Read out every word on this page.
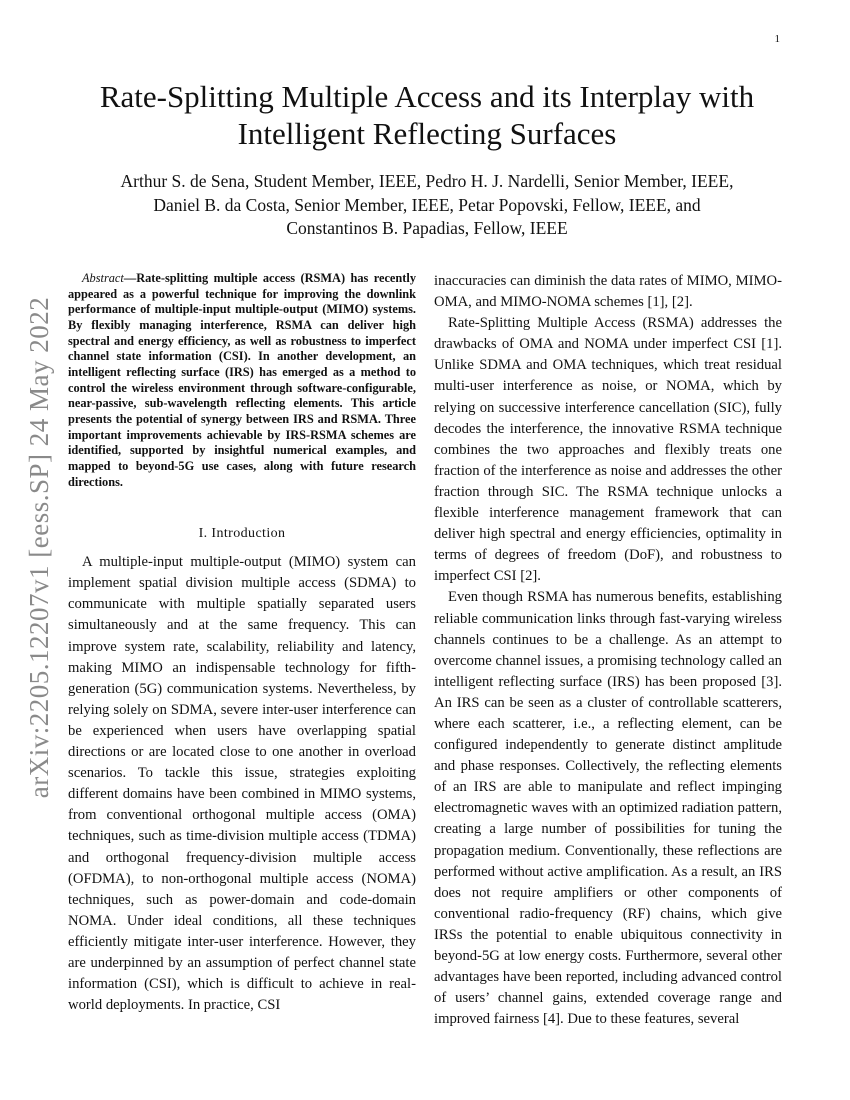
1
arXiv:2205.12207v1 [eess.SP] 24 May 2022
Rate-Splitting Multiple Access and its Interplay with Intelligent Reflecting Surfaces

Arthur S. de Sena, Student Member, IEEE, Pedro H. J. Nardelli, Senior Member, IEEE,

Daniel B. da Costa, Senior Member, IEEE, Petar Popovski, Fellow, IEEE, and

Constantinos B. Papadias, Fellow, IEEE

Abstract—Rate-splitting multiple access (RSMA) has recently appeared as a powerful technique for improving the downlink performance of multiple-input multiple-output (MIMO) systems. By flexibly managing interference, RSMA can deliver high spectral and energy efficiency, as well as robustness to imperfect channel state information (CSI). In another development, an intelligent reflecting surface (IRS) has emerged as a method to control the wireless environment through software-configurable, near-passive, sub-wavelength reflecting elements. This article presents the potential of synergy between IRS and RSMA. Three important improvements achievable by IRS-RSMA schemes are identified, supported by insightful numerical examples, and mapped to beyond-5G use cases, along with future research directions.

I. Introduction

A multiple-input multiple-output (MIMO) system can implement spatial division multiple access (SDMA) to communicate with multiple spatially separated users simultaneously and at the same frequency. This can improve system rate, scalability, reliability and latency, making MIMO an indispensable technology for fifth-generation (5G) communication systems. Nevertheless, by relying solely on SDMA, severe inter-user interference can be experienced when users have overlapping spatial directions or are located close to one another in overload scenarios. To tackle this issue, strategies exploiting different domains have been combined in MIMO systems, from conventional orthogonal multiple access (OMA) techniques, such as time-division multiple access (TDMA) and orthogonal frequency-division multiple access (OFDMA), to non-orthogonal multiple access (NOMA) techniques, such as power-domain and code-domain NOMA. Under ideal conditions, all these techniques efficiently mitigate inter-user interference. However, they are underpinned by an assumption of perfect channel state information (CSI), which is difficult to achieve in real-world deployments. In practice, CSI

inaccuracies can diminish the data rates of MIMO, MIMO-OMA, and MIMO-NOMA schemes [1], [2].

Rate-Splitting Multiple Access (RSMA) addresses the drawbacks of OMA and NOMA under imperfect CSI [1]. Unlike SDMA and OMA techniques, which treat residual multi-user interference as noise, or NOMA, which by relying on successive interference cancellation (SIC), fully decodes the interference, the innovative RSMA technique combines the two approaches and flexibly treats one fraction of the interference as noise and addresses the other fraction through SIC. The RSMA technique unlocks a flexible interference management framework that can deliver high spectral and energy efficiencies, optimality in terms of degrees of freedom (DoF), and robustness to imperfect CSI [2].

Even though RSMA has numerous benefits, establishing reliable communication links through fast-varying wireless channels continues to be a challenge. As an attempt to overcome channel issues, a promising technology called an intelligent reflecting surface (IRS) has been proposed [3]. An IRS can be seen as a cluster of controllable scatterers, where each scatterer, i.e., a reflecting element, can be configured independently to generate distinct amplitude and phase responses. Collectively, the reflecting elements of an IRS are able to manipulate and reflect impinging electromagnetic waves with an optimized radiation pattern, creating a large number of possibilities for tuning the propagation medium. Conventionally, these reflections are performed without active amplification. As a result, an IRS does not require amplifiers or other components of conventional radio-frequency (RF) chains, which give IRSs the potential to enable ubiquitous connectivity in beyond-5G at low energy costs. Furthermore, several other advantages have been reported, including advanced control of users’ channel gains, extended coverage range and improved fairness [4]. Due to these features, several
